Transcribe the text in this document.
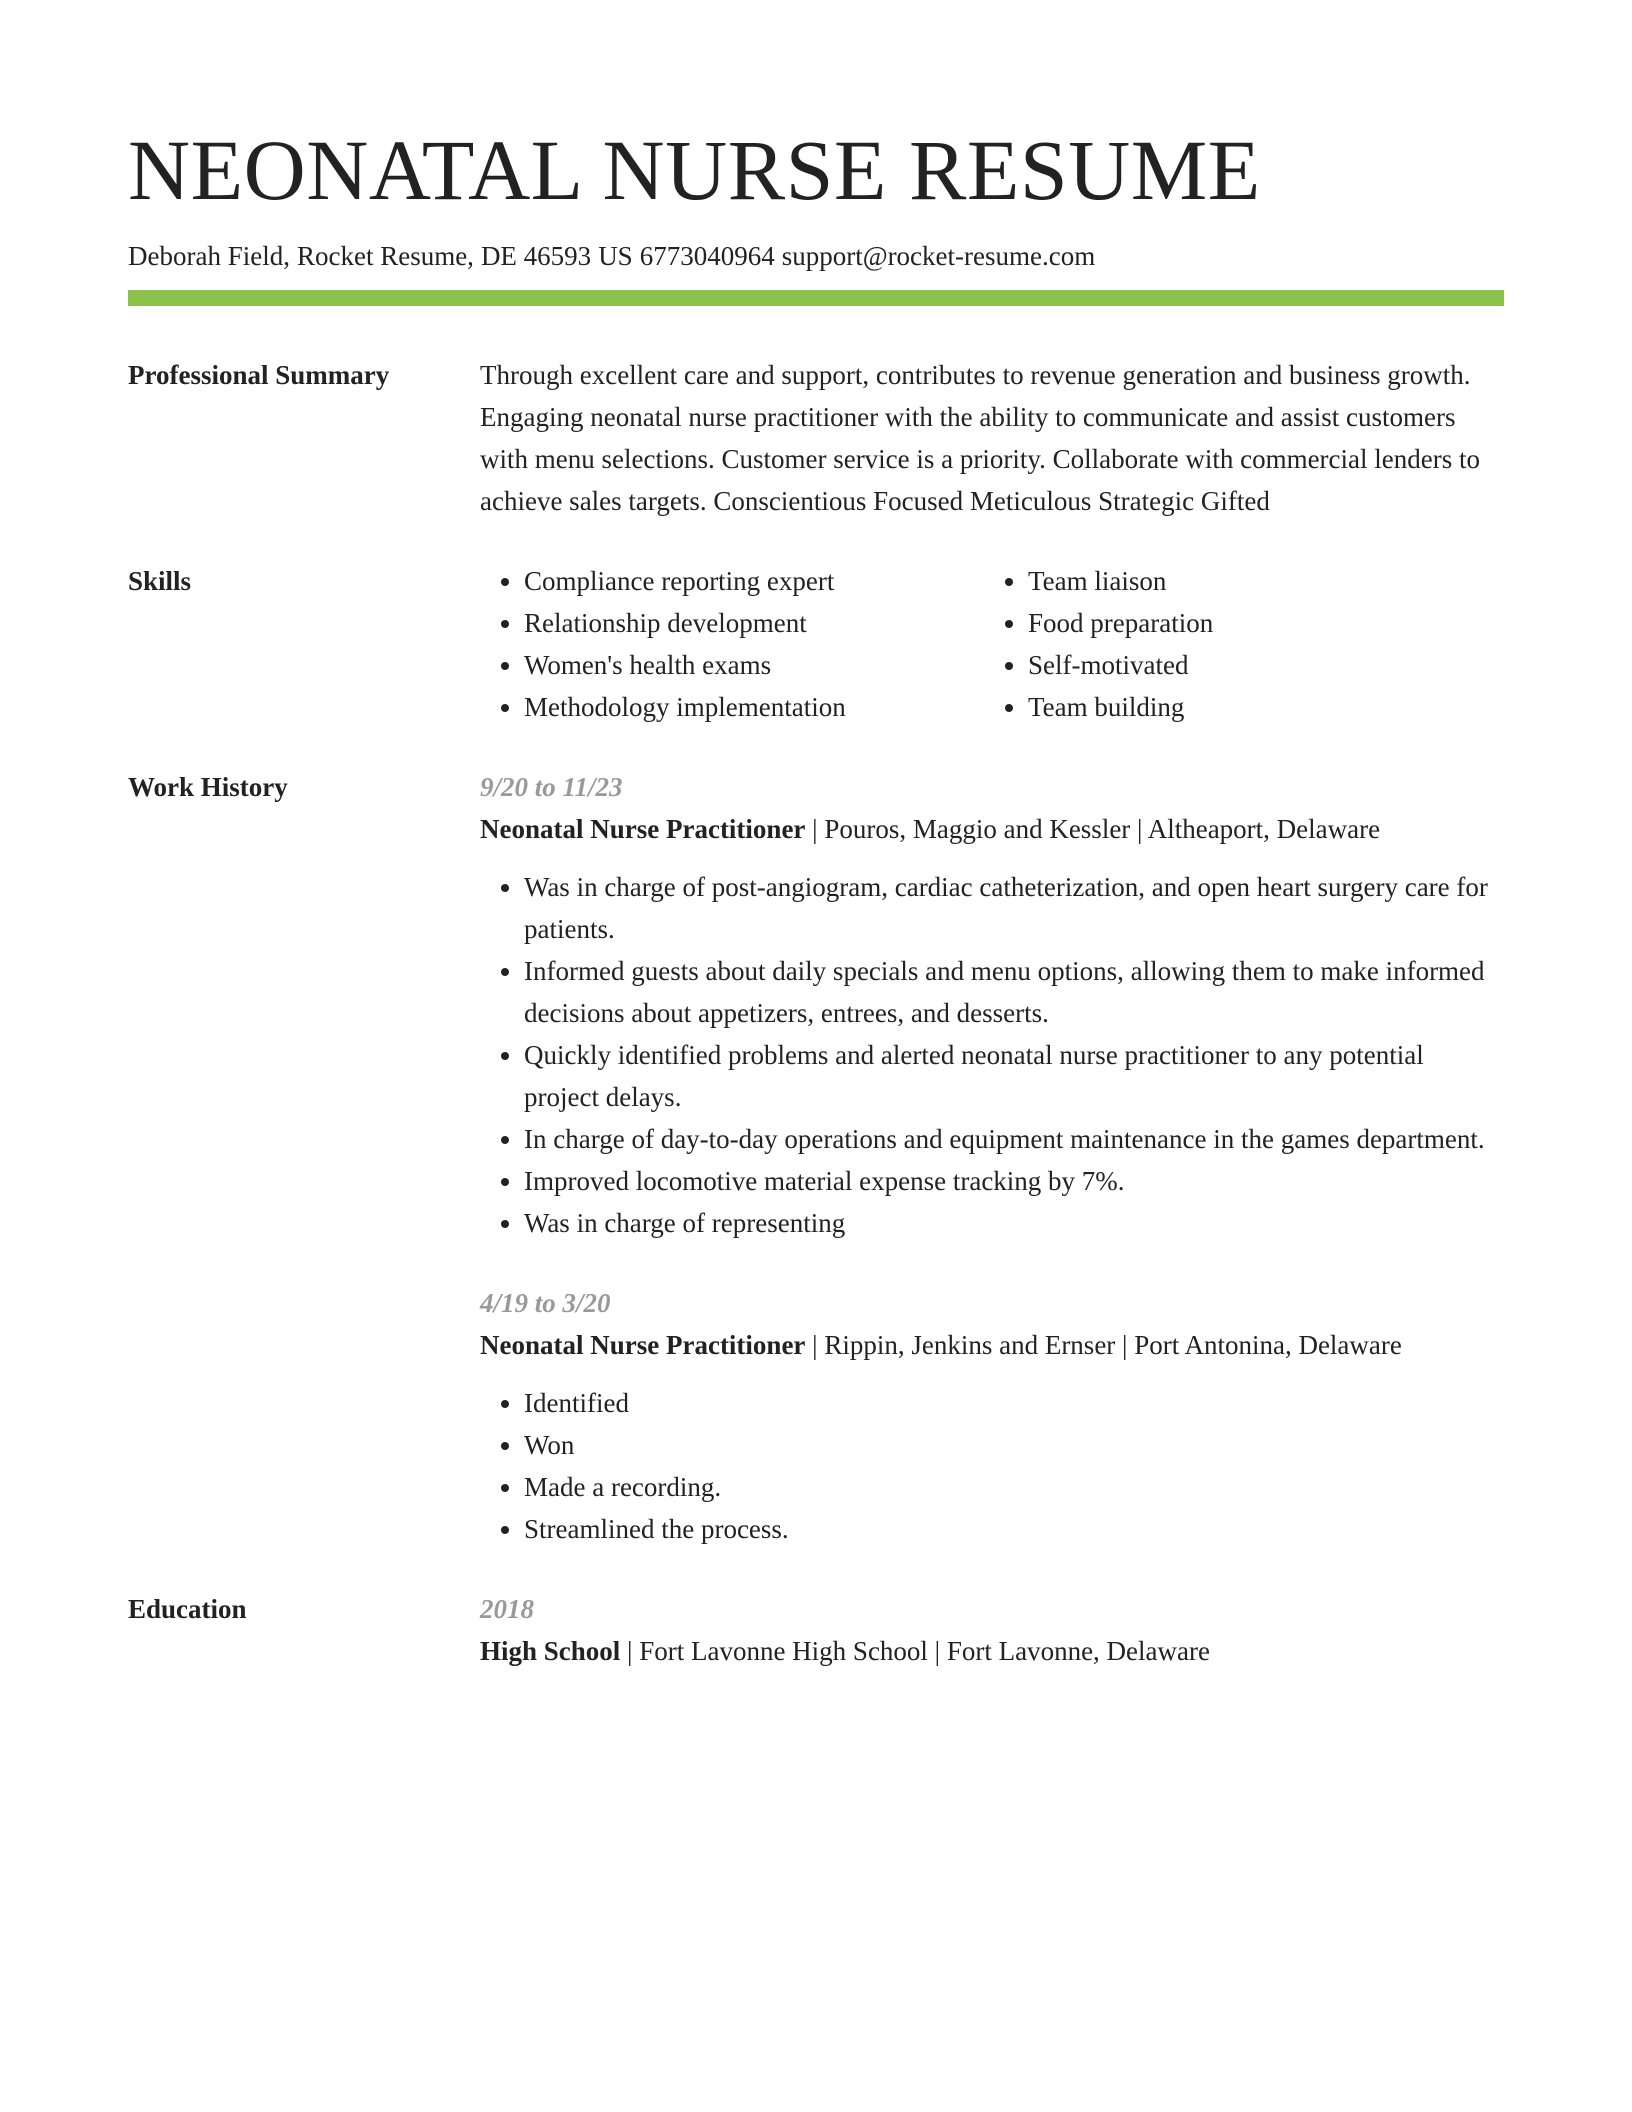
NEONATAL NURSE RESUME
Deborah Field, Rocket Resume, DE 46593 US 6773040964 support@rocket-resume.com
Professional Summary	Through excellent care and support, contributes to revenue generation and business growth. Engaging neonatal nurse practitioner with the ability to communicate and assist customers with menu selections. Customer service is a priority. Collaborate with commercial lenders to achieve sales targets. Conscientious Focused Meticulous Strategic Gifted

Skills
•	Compliance reporting expert
• Relationship development
• Women's health exams
• Methodology implementation
• Team liaison
• Food preparation
• Self-motivated
• Team building
Work History	9/20 to 11/23

Neonatal Nurse Practitioner | Pouros, Maggio and Kessler | Altheaport, Delaware

• Was in charge of post-angiogram, cardiac catheterization, and open heart surgery care for patients.
• Informed guests about daily specials and menu options, allowing them to make informed decisions about appetizers, entrees, and desserts.
• Quickly identified problems and alerted neonatal nurse practitioner to any potential project delays.
• In charge of day-to-day operations and equipment maintenance in the games department.
• Improved locomotive material expense tracking by 7%.
• Was in charge of representing
4/19 to 3/20

Neonatal Nurse Practitioner | Rippin, Jenkins and Ernser | Port Antonina, Delaware

• Identified
• Won
• Made a recording.
• Streamlined the process.
Education	2018

High School | Fort Lavonne High School | Fort Lavonne, Delaware
